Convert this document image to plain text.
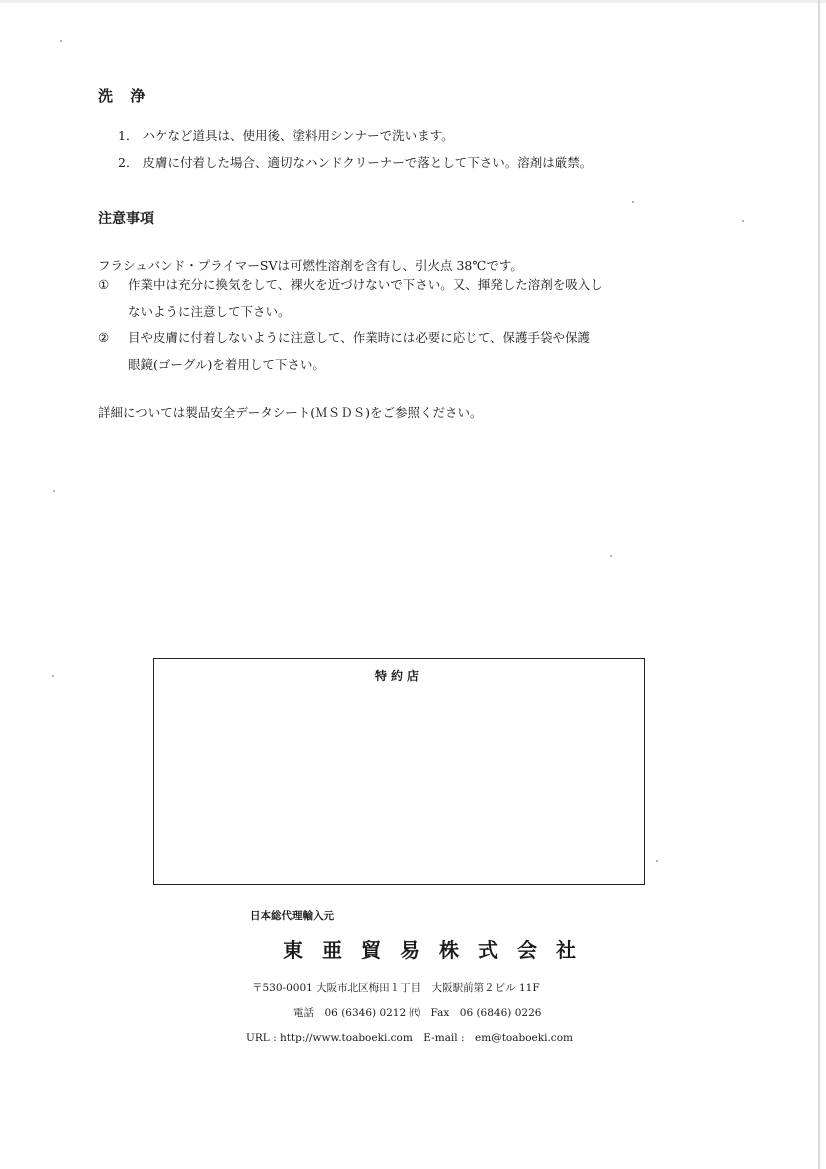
洗 浄
1． ハケなど道具は、使用後、塗料用シンナーで洗います。
2． 皮膚に付着した場合、適切なハンドクリーナーで落として下さい。溶剤は厳禁。
注意事項
フラシュバンド・プライマーSVは可燃性溶剤を含有し、引火点 38℃です。
① 作業中は充分に換気をして、裸火を近づけないで下さい。又、揮発した溶剤を吸入し
ないように注意して下さい。
② 目や皮膚に付着しないように注意して、作業時には必要に応じて、保護手袋や保護
眼鏡(ゴーグル)を着用して下さい。
詳細については製品安全データシート(ＭＳＤＳ)をご参照ください。
特約店
日本総代理輸入元
東亜貿易株式会社
〒530-0001 大阪市北区梅田１丁目　大阪駅前第２ビル 11F
電話　06 (6346) 0212 ㈹　Fax　06 (6846) 0226
URL : http://www.toaboeki.com　E-mail :　em@toaboeki.com
